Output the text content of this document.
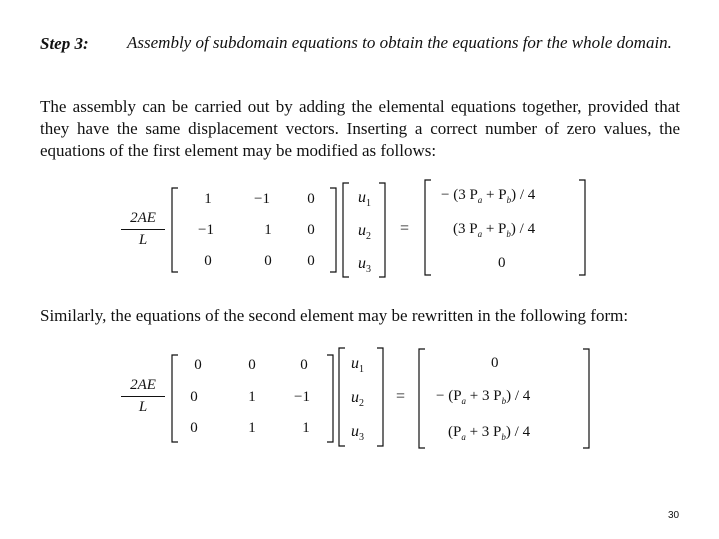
Step 3: Assembly of subdomain equations to obtain the equations for the whole domain.
The assembly can be carried out by adding the elemental equations together, provided that they have the same displacement vectors. Inserting a correct number of zero values, the equations of the first element may be modified as follows:
2AE
L
1	−1	0
−1	1	0
0	0	0
$u_1$
$u_2$
$u_3$
=
− (3 $P_a + P_b) / 4$
(3 $P_a + P_b) / 4$
0
Similarly, the equations of the second element may be rewritten in the following form:
2AE
L
0	0	0
0	1	−1
0	1	1
$u_1$
$u_2$
$u_3$
=
0
− ($P_a + 3$ $P_b) / 4$
($P_a + 3$ $P_b) / 4$
30
